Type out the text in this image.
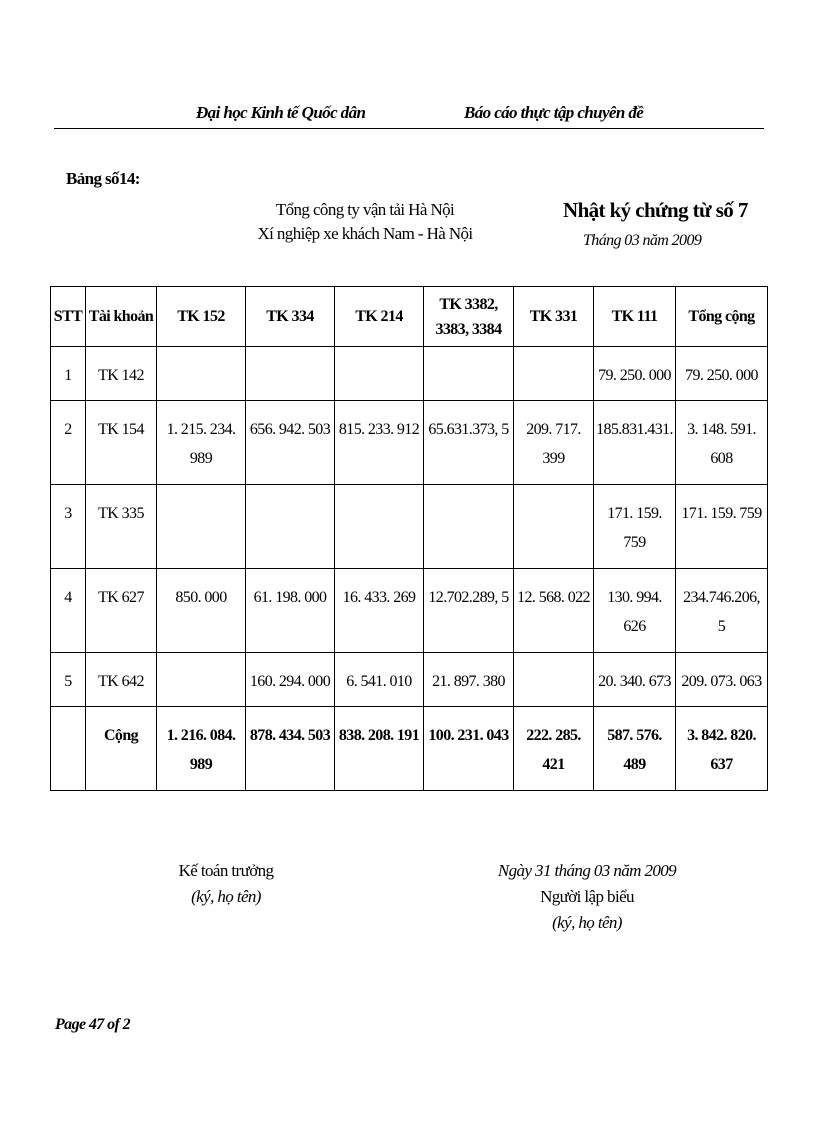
Đại học Kinh tế Quốc dân	Báo cáo thực tập chuyên đề
Bảng số14:
Tổng công ty vận tải Hà Nội
Xí nghiệp xe khách Nam - Hà Nội
Nhật ký chứng từ số 7
Tháng 03 năm 2009
STT	Tài khoản	TK 152	TK 334	TK 214	TK 3382, 3383, 3384	TK 331	TK 111	Tổng cộng
1	TK 142						79. 250. 000	79. 250. 000
2	TK 154	1. 215. 234. 989	656. 942. 503	815. 233. 912	65.631.373, 5	209. 717. 399	185.831.431.	3. 148. 591. 608
3	TK 335						171. 159. 759	171. 159. 759
4	TK 627	850. 000	61. 198. 000	16. 433. 269	12.702.289, 5	12. 568. 022	130. 994. 626	234.746.206, 5
5	TK 642		160. 294. 000	6. 541. 010	21. 897. 380		20. 340. 673	209. 073. 063
	Cộng	1. 216. 084. 989	878. 434. 503	838. 208. 191	100. 231. 043	222. 285. 421	587. 576. 489	3. 842. 820. 637
Kế toán trưởng
(ký, họ tên)
Ngày 31 tháng 03 năm 2009
Người lập biểu
(ký, họ tên)
Page 47 of 2
